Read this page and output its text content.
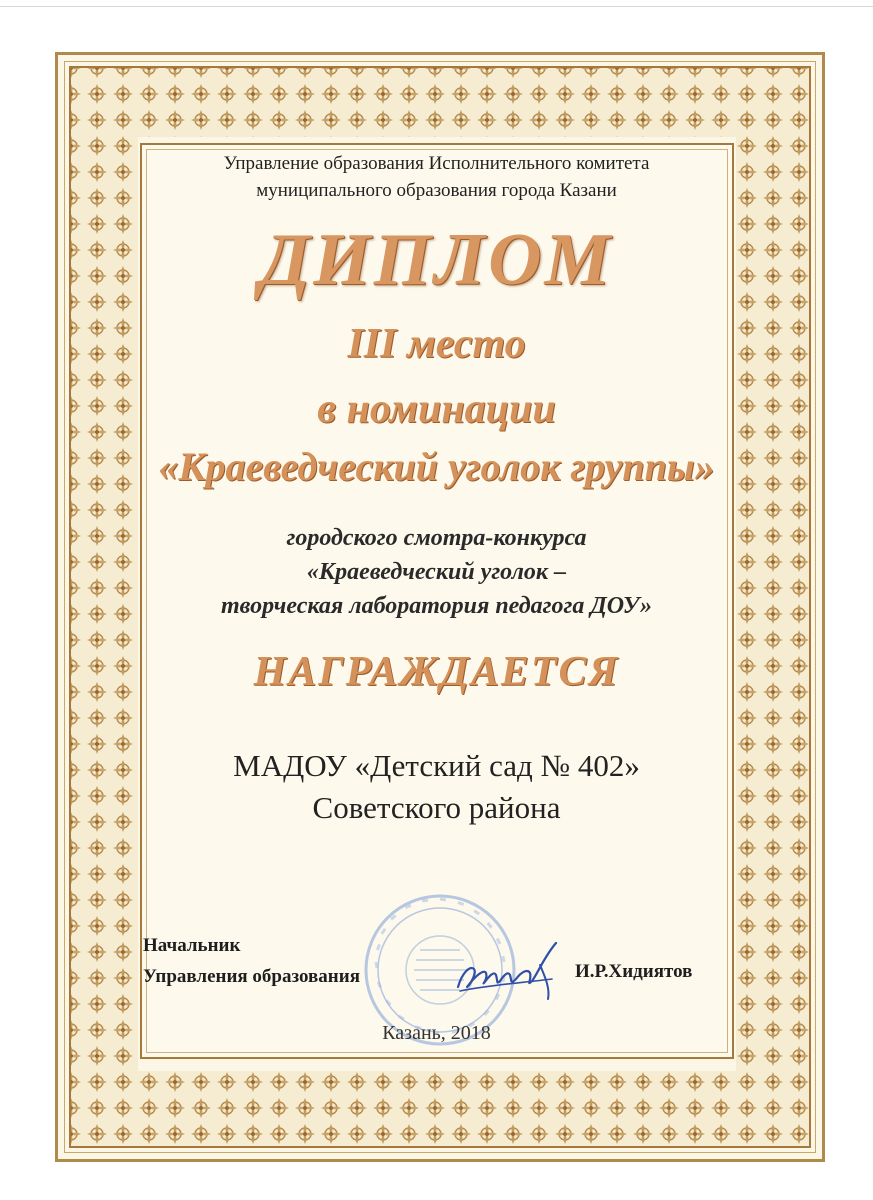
Управление образования Исполнительного комитета
муниципального образования города Казани
ДИПЛОМ
III место
в номинации
«Краеведческий уголок группы»
городского смотра-конкурса
«Краеведческий уголок –
творческая лаборатория педагога ДОУ»
НАГРАЖДАЕТСЯ
МАДОУ «Детский сад № 402»
Советского района
Начальник
Управления образования	И.Р.Хидиятов
Казань, 2018
